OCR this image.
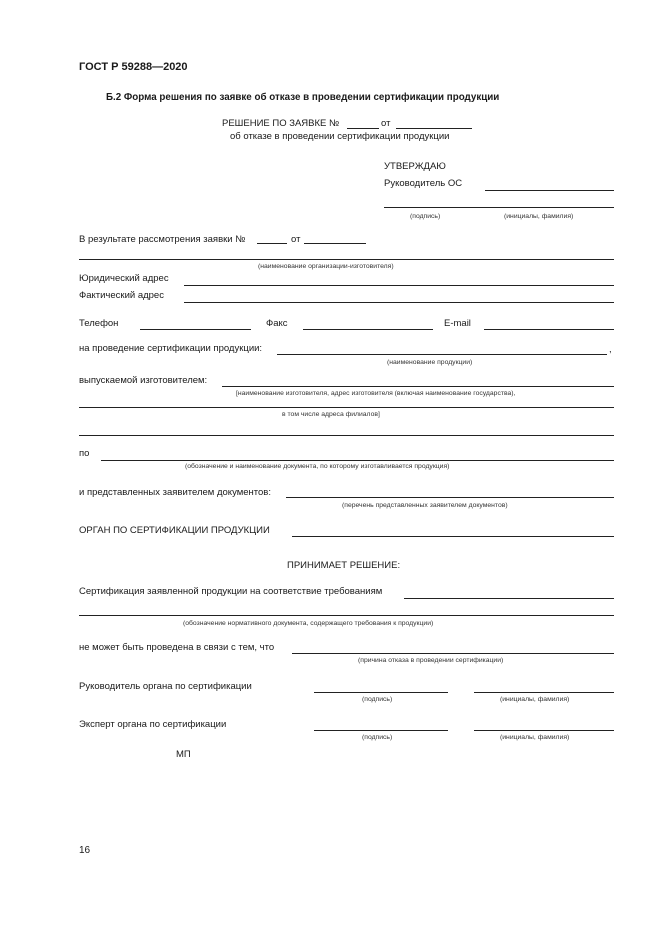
ГОСТ Р 59288—2020
Б.2 Форма решения по заявке об отказе в проведении сертификации продукции
РЕШЕНИЕ ПО ЗАЯВКЕ №	от
об отказе в проведении сертификации продукции
УТВЕРЖДАЮ
Руководитель ОС
(подпись)	(инициалы, фамилия)
В результате рассмотрения заявки №	от
(наименование организации-изготовителя)
Юридический адрес
Фактический адрес
Телефон	Факс	E-mail
на проведение сертификации продукции:	,
(наименование продукции)
выпускаемой изготовителем:
[наименование изготовителя, адрес изготовителя (включая наименование государства),
в том числе адреса филиалов]
по
(обозначение и наименование документа, по которому изготавливается продукция)
и представленных заявителем документов:
(перечень представленных заявителем документов)
ОРГАН ПО СЕРТИФИКАЦИИ ПРОДУКЦИИ
ПРИНИМАЕТ РЕШЕНИЕ:
Сертификация заявленной продукции на соответствие требованиям
(обозначение нормативного документа, содержащего требования к продукции)
не может быть проведена в связи с тем, что
(причина отказа в проведении сертификации)
Руководитель органа по сертификации
(подпись)	(инициалы, фамилия)
Эксперт органа по сертификации
(подпись)	(инициалы, фамилия)
МП
16
